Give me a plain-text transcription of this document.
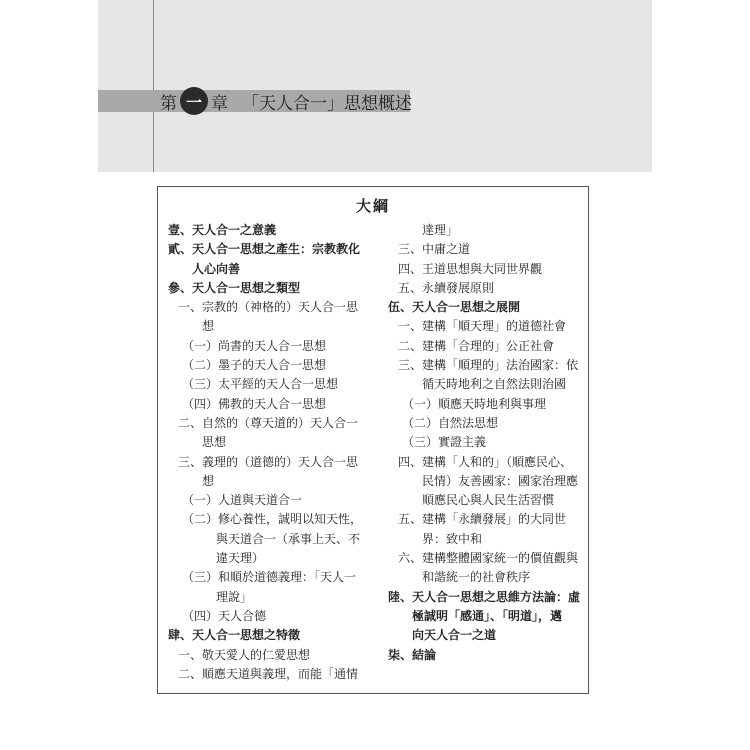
第 一 章 「天人合一」思想概述
大綱
壹、天人合一之意義
貳、天人合一思想之產生：宗教教化
人心向善
參、天人合一思想之類型
一、宗教的（神格的）天人合一思
想
（一）尚書的天人合一思想
（二）墨子的天人合一思想
（三）太平經的天人合一思想
（四）佛教的天人合一思想
二、自然的（尊天道的）天人合一
思想
三、義理的（道德的）天人合一思
想
（一）人道與天道合一
（二）修心養性，誠明以知天性，
與天道合一（承事上天、不
違天理）
（三）和順於道德義理：「天人一
理說」
（四）天人合德
肆、天人合一思想之特徵
一、敬天愛人的仁愛思想
二、順應天道與義理，而能「通情
達理」
三、中庸之道
四、王道思想與大同世界觀
五、永續發展原則
伍、天人合一思想之展開
一、建構「順天理」的道德社會
二、建構「合理的」公正社會
三、建構「順理的」法治國家：依
循天時地利之自然法則治國
（一）順應天時地利與事理
（二）自然法思想
（三）實證主義
四、建構「人和的」（順應民心、
民情）友善國家：國家治理應
順應民心與人民生活習慣
五、建構「永續發展」的大同世
界：致中和
六、建構整體國家統一的價值觀與
和諧統一的社會秩序
陸、天人合一思想之思維方法論：虛
極誠明「感通」、「明道」，邁
向天人合一之道
柒、結論
